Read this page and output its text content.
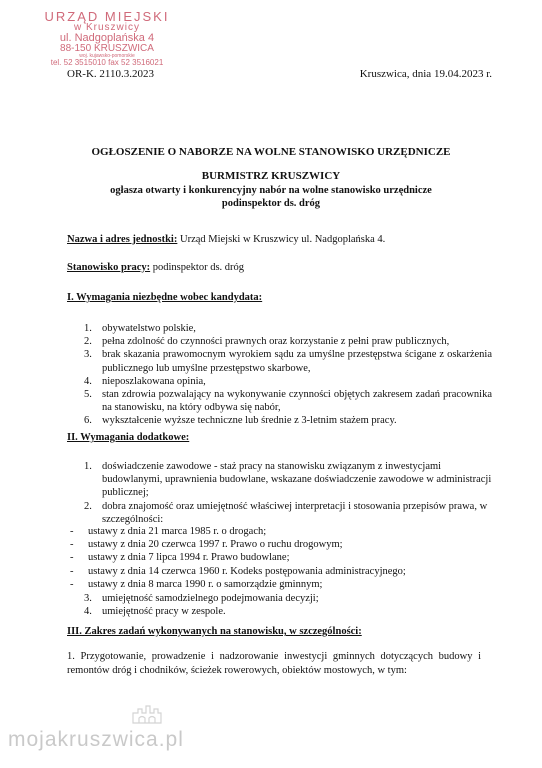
URZĄD MIEJSKI
w Kruszwicy
ul. Nadgoplańska 4
88-150 KRUSZWICA
woj. kujawsko-pomorskie
tel. 52 3515010 fax 52 3516021
OR-K. 2110.3.2023	Kruszwica, dnia 19.04.2023 r.
OGŁOSZENIE O NABORZE NA WOLNE STANOWISKO URZĘDNICZE
BURMISTRZ KRUSZWICY
ogłasza otwarty i konkurencyjny nabór na wolne stanowisko urzędnicze
podinspektor ds. dróg
Nazwa i adres jednostki: Urząd Miejski w Kruszwicy ul. Nadgoplańska 4.
Stanowisko pracy: podinspektor ds. dróg
I. Wymagania niezbędne wobec kandydata:
1. obywatelstwo polskie,
2. pełna zdolność do czynności prawnych oraz korzystanie z pełni praw publicznych,
3. brak skazania prawomocnym wyrokiem sądu za umyślne przestępstwa ścigane z oskarżenia publicznego lub umyślne przestępstwo skarbowe,
4. nieposzlakowana opinia,
5. stan zdrowia pozwalający na wykonywanie czynności objętych zakresem zadań pracownika na stanowisku, na który odbywa się nabór,
6. wykształcenie wyższe techniczne lub średnie z 3-letnim stażem pracy.
II. Wymagania dodatkowe:
1. doświadczenie zawodowe - staż pracy na stanowisku związanym z inwestycjami budowlanymi, uprawnienia budowlane, wskazane doświadczenie zawodowe w administracji publicznej;
2. dobra znajomość oraz umiejętność właściwej interpretacji i stosowania przepisów prawa, w szczególności:
-	ustawy z dnia 21 marca 1985 r. o drogach;
-	ustawy z dnia 20 czerwca 1997 r. Prawo o ruchu drogowym;
-	ustawy z dnia 7 lipca 1994 r. Prawo budowlane;
-	ustawy z dnia 14 czerwca 1960 r. Kodeks postępowania administracyjnego;
-	ustawy z dnia 8 marca 1990 r. o samorządzie gminnym;
3. umiejętność samodzielnego podejmowania decyzji;
4. umiejętność pracy w zespole.
III. Zakres zadań wykonywanych na stanowisku, w szczególności:
1. Przygotowanie, prowadzenie i nadzorowanie inwestycji gminnych dotyczących budowy i remontów dróg i chodników, ścieżek rowerowych, obiektów mostowych, w tym:
mojakruszwica.pl
